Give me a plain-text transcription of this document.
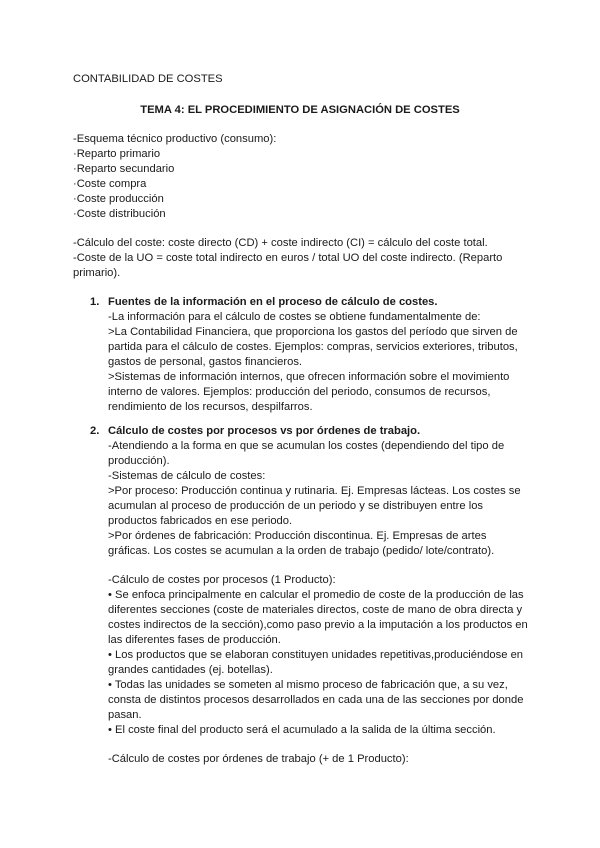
CONTABILIDAD DE COSTES
TEMA 4: EL PROCEDIMIENTO DE ASIGNACIÓN DE COSTES
-Esquema técnico productivo (consumo):
·Reparto primario
·Reparto secundario
·Coste compra
·Coste producción
·Coste distribución
-Cálculo del coste: coste directo (CD) + coste indirecto (CI) = cálculo del coste total.
-Coste de la UO = coste total indirecto en euros / total UO del coste indirecto. (Reparto
primario).
1. Fuentes de la información en el proceso de cálculo de costes.
-La información para el cálculo de costes se obtiene fundamentalmente de:
>La Contabilidad Financiera, que proporciona los gastos del período que sirven de
partida para el cálculo de costes. Ejemplos: compras, servicios exteriores, tributos,
gastos de personal, gastos financieros.
>Sistemas de información internos, que ofrecen información sobre el movimiento
interno de valores. Ejemplos: producción del periodo, consumos de recursos,
rendimiento de los recursos, despilfarros.
2. Cálculo de costes por procesos vs por órdenes de trabajo.
-Atendiendo a la forma en que se acumulan los costes (dependiendo del tipo de
producción).
-Sistemas de cálculo de costes:
>Por proceso: Producción continua y rutinaria. Ej. Empresas lácteas. Los costes se
acumulan al proceso de producción de un periodo y se distribuyen entre los
productos fabricados en ese periodo.
>Por órdenes de fabricación: Producción discontinua. Ej. Empresas de artes
gráficas. Los costes se acumulan a la orden de trabajo (pedido/ lote/contrato).
-Cálculo de costes por procesos (1 Producto):
• Se enfoca principalmente en calcular el promedio de coste de la producción de las
diferentes secciones (coste de materiales directos, coste de mano de obra directa y
costes indirectos de la sección),como paso previo a la imputación a los productos en
las diferentes fases de producción.
• Los productos que se elaboran constituyen unidades repetitivas,produciéndose en
grandes cantidades (ej. botellas).
• Todas las unidades se someten al mismo proceso de fabricación que, a su vez,
consta de distintos procesos desarrollados en cada una de las secciones por donde
pasan.
• El coste final del producto será el acumulado a la salida de la última sección.
-Cálculo de costes por órdenes de trabajo (+ de 1 Producto):
